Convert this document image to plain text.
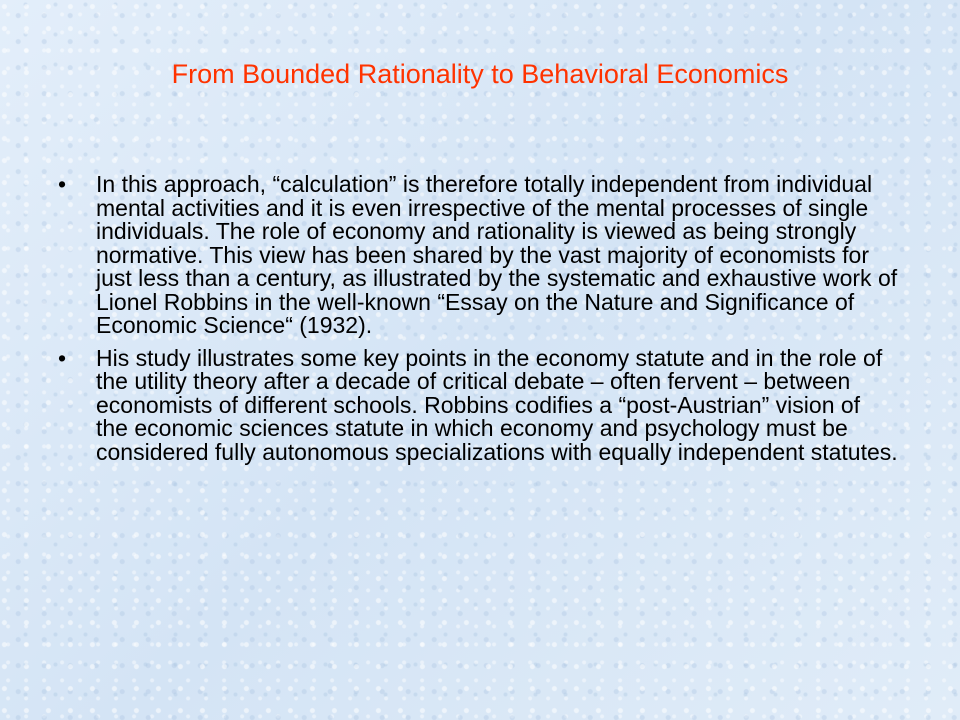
From Bounded Rationality to Behavioral Economics
• In this approach, “calculation” is therefore totally independent from individual mental activities and it is even irrespective of the mental processes of single individuals. The role of economy and rationality is viewed as being strongly normative. This view has been shared by the vast majority of economists for just less than a century, as illustrated by the systematic and exhaustive work of Lionel Robbins in the well-known “Essay on the Nature and Significance of Economic Science“ (1932).
• His study illustrates some key points in the economy statute and in the role of the utility theory after a decade of critical debate – often fervent – between economists of different schools. Robbins codifies a “post-Austrian” vision of the economic sciences statute in which economy and psychology must be considered fully autonomous specializations with equally independent statutes.
